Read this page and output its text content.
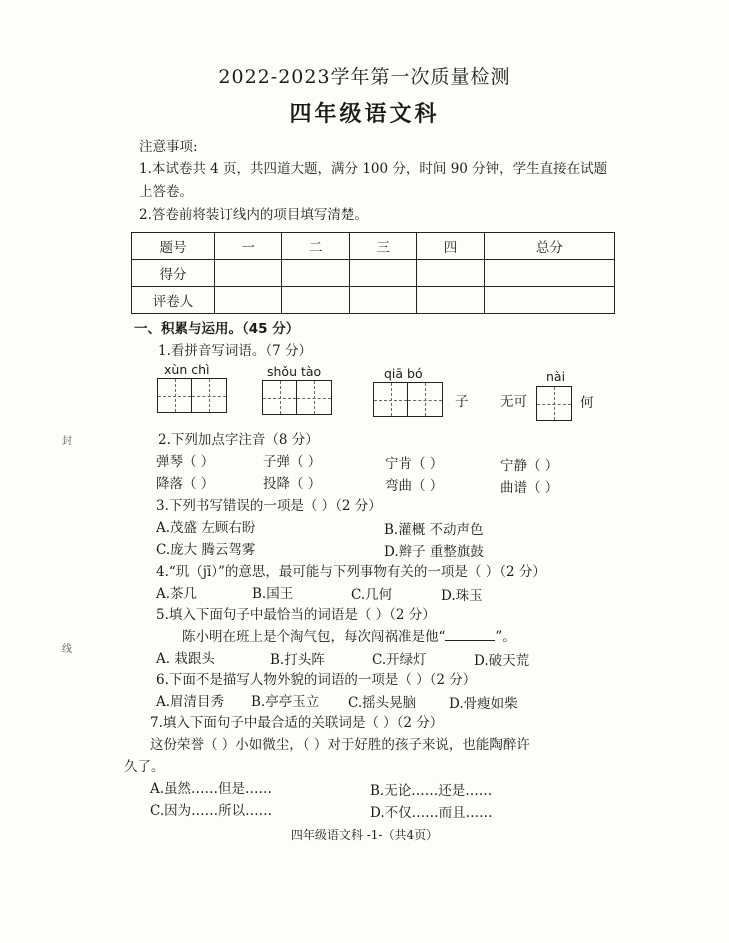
2022-2023学年第一次质量检测
四年级语文科
封
线
注意事项:
1.本试卷共 4 页，共四道大题，满分 100 分，时间 90 分钟，学生直接在试题
上答卷。
2.答卷前将装订线内的项目填写清楚。
题号	一	二	三	四	总分
得分					
评卷人					
一、积累与运用。（45 分）
1.看拼音写词语。（7 分）
xùn chì	shǒu tào	qiā bó	nài
子 无可	何
2.下列加点字注音（8 分）
弹琴（ ）	子弹（ ）	宁肯（ ）	宁静（ ）
降落（ ）	投降（ ）	弯曲（ ）	曲谱（ ）
3.下列书写错误的一项是（ ）（2 分）
A.茂盛 左顾右盼	B.灌概 不动声色
C.庞大 腾云驾雾	D.辫子 重整旗鼓
4.“玑（jī）”的意思，最可能与下列事物有关的一项是（ ）（2 分）
A.茶几	B.国王	C.几何	D.珠玉
5.填入下面句子中最恰当的词语是（ ）（2 分）
陈小明在班上是个淘气包，每次闯祸准是他“	”。
A. 栽跟头	B.打头阵	C.开绿灯	D.破天荒
6.下面不是描写人物外貌的词语的一项是（ ）（2 分）
A.眉清目秀 B.亭亭玉立 C.摇头晃脑 D.骨瘦如柴
7.填入下面句子中最合适的关联词是（ ）（2 分）
这份荣誉（ ）小如微尘，（ ）对于好胜的孩子来说，也能陶醉许
久了。
A.虽然……但是……	B.无论……还是……
C.因为……所以……	D.不仅……而且……
四年级语文科 -1-（共4页）
